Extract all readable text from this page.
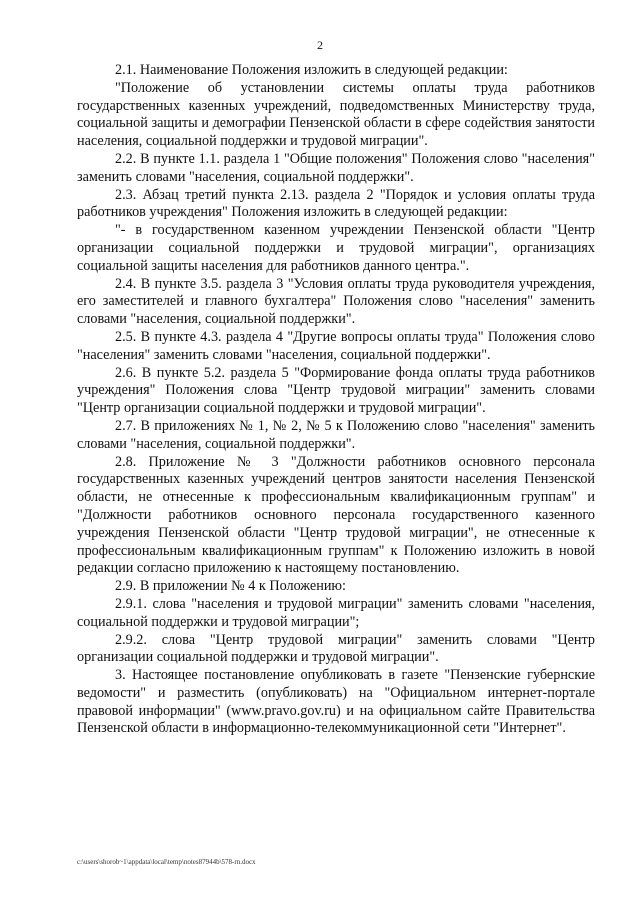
2

2.1. Наименование Положения изложить в следующей редакции:

"Положение об установлении системы оплаты труда работников государственных казенных учреждений, подведомственных Министерству труда, социальной защиты и демографии Пензенской области в сфере содействия занятости населения, социальной поддержки и трудовой миграции".

2.2. В пункте 1.1. раздела 1 "Общие положения" Положения слово "населения" заменить словами "населения, социальной поддержки".

2.3. Абзац третий пункта 2.13. раздела 2 "Порядок и условия оплаты труда работников учреждения" Положения изложить в следующей редакции:

"- в государственном казенном учреждении Пензенской области "Центр организации социальной поддержки и трудовой миграции", организациях социальной защиты населения для работников данного центра.".

2.4. В пункте 3.5. раздела 3 "Условия оплаты труда руководителя учреждения, его заместителей и главного бухгалтера" Положения слово "населения" заменить словами "населения, социальной поддержки".

2.5. В пункте 4.3. раздела 4 "Другие вопросы оплаты труда" Положения слово "населения" заменить словами "населения, социальной поддержки".

2.6. В пункте 5.2. раздела 5 "Формирование фонда оплаты труда работников учреждения" Положения слова "Центр трудовой миграции" заменить словами "Центр организации социальной поддержки и трудовой миграции".

2.7. В приложениях № 1, № 2, № 5 к Положению слово "населения" заменить словами "населения, социальной поддержки".

2.8. Приложение № 3 "Должности работников основного персонала государственных казенных учреждений центров занятости населения Пензенской области, не отнесенные к профессиональным квалификационным группам" и "Должности работников основного персонала государственного казенного учреждения Пензенской области "Центр трудовой миграции", не отнесенные к профессиональным квалификационным группам" к Положению изложить в новой редакции согласно приложению к настоящему постановлению.

2.9. В приложении № 4 к Положению:

2.9.1. слова "населения и трудовой миграции" заменить словами "населения, социальной поддержки и трудовой миграции";

2.9.2. слова "Центр трудовой миграции" заменить словами "Центр организации социальной поддержки и трудовой миграции".

3. Настоящее постановление опубликовать в газете "Пензенские губернские ведомости" и разместить (опубликовать) на "Официальном интернет-портале правовой информации" (www.pravo.gov.ru) и на официальном сайте Правительства Пензенской области в информационно-телекоммуникационной сети "Интернет".

c:\users\shorob~1\appdata\local\temp\notes87944b\578-rn.docx
